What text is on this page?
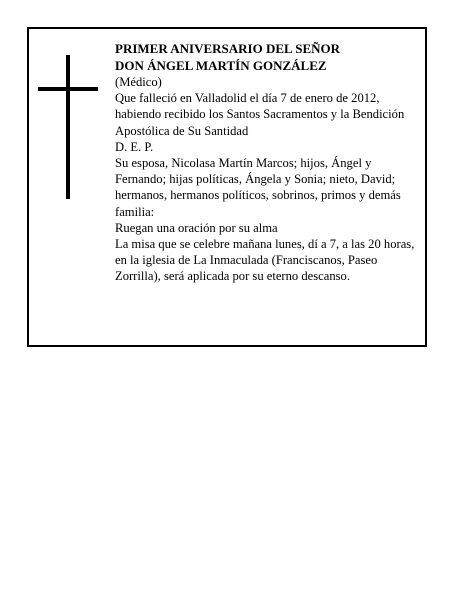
PRIMER ANIVERSARIO DEL SEÑOR

DON ÁNGEL MARTÍN GONZÁLEZ

(Médico)

Que falleció en Valladolid el día 7 de enero de 2012, habiendo recibido los Santos Sacramentos y la Bendición Apostólica de Su Santidad

D. E. P.

Su esposa, Nicolasa Martín Marcos; hijos, Ángel y Fernando; hijas políticas, Ángela y Sonia; nieto, David; hermanos, hermanos políticos, sobrinos, primos y demás familia:

Ruegan una oración por su alma

La misa que se celebre mañana lunes, dí a 7, a las 20 horas, en la iglesia de La Inmaculada (Franciscanos, Paseo Zorrilla), será aplicada por su eterno descanso.
